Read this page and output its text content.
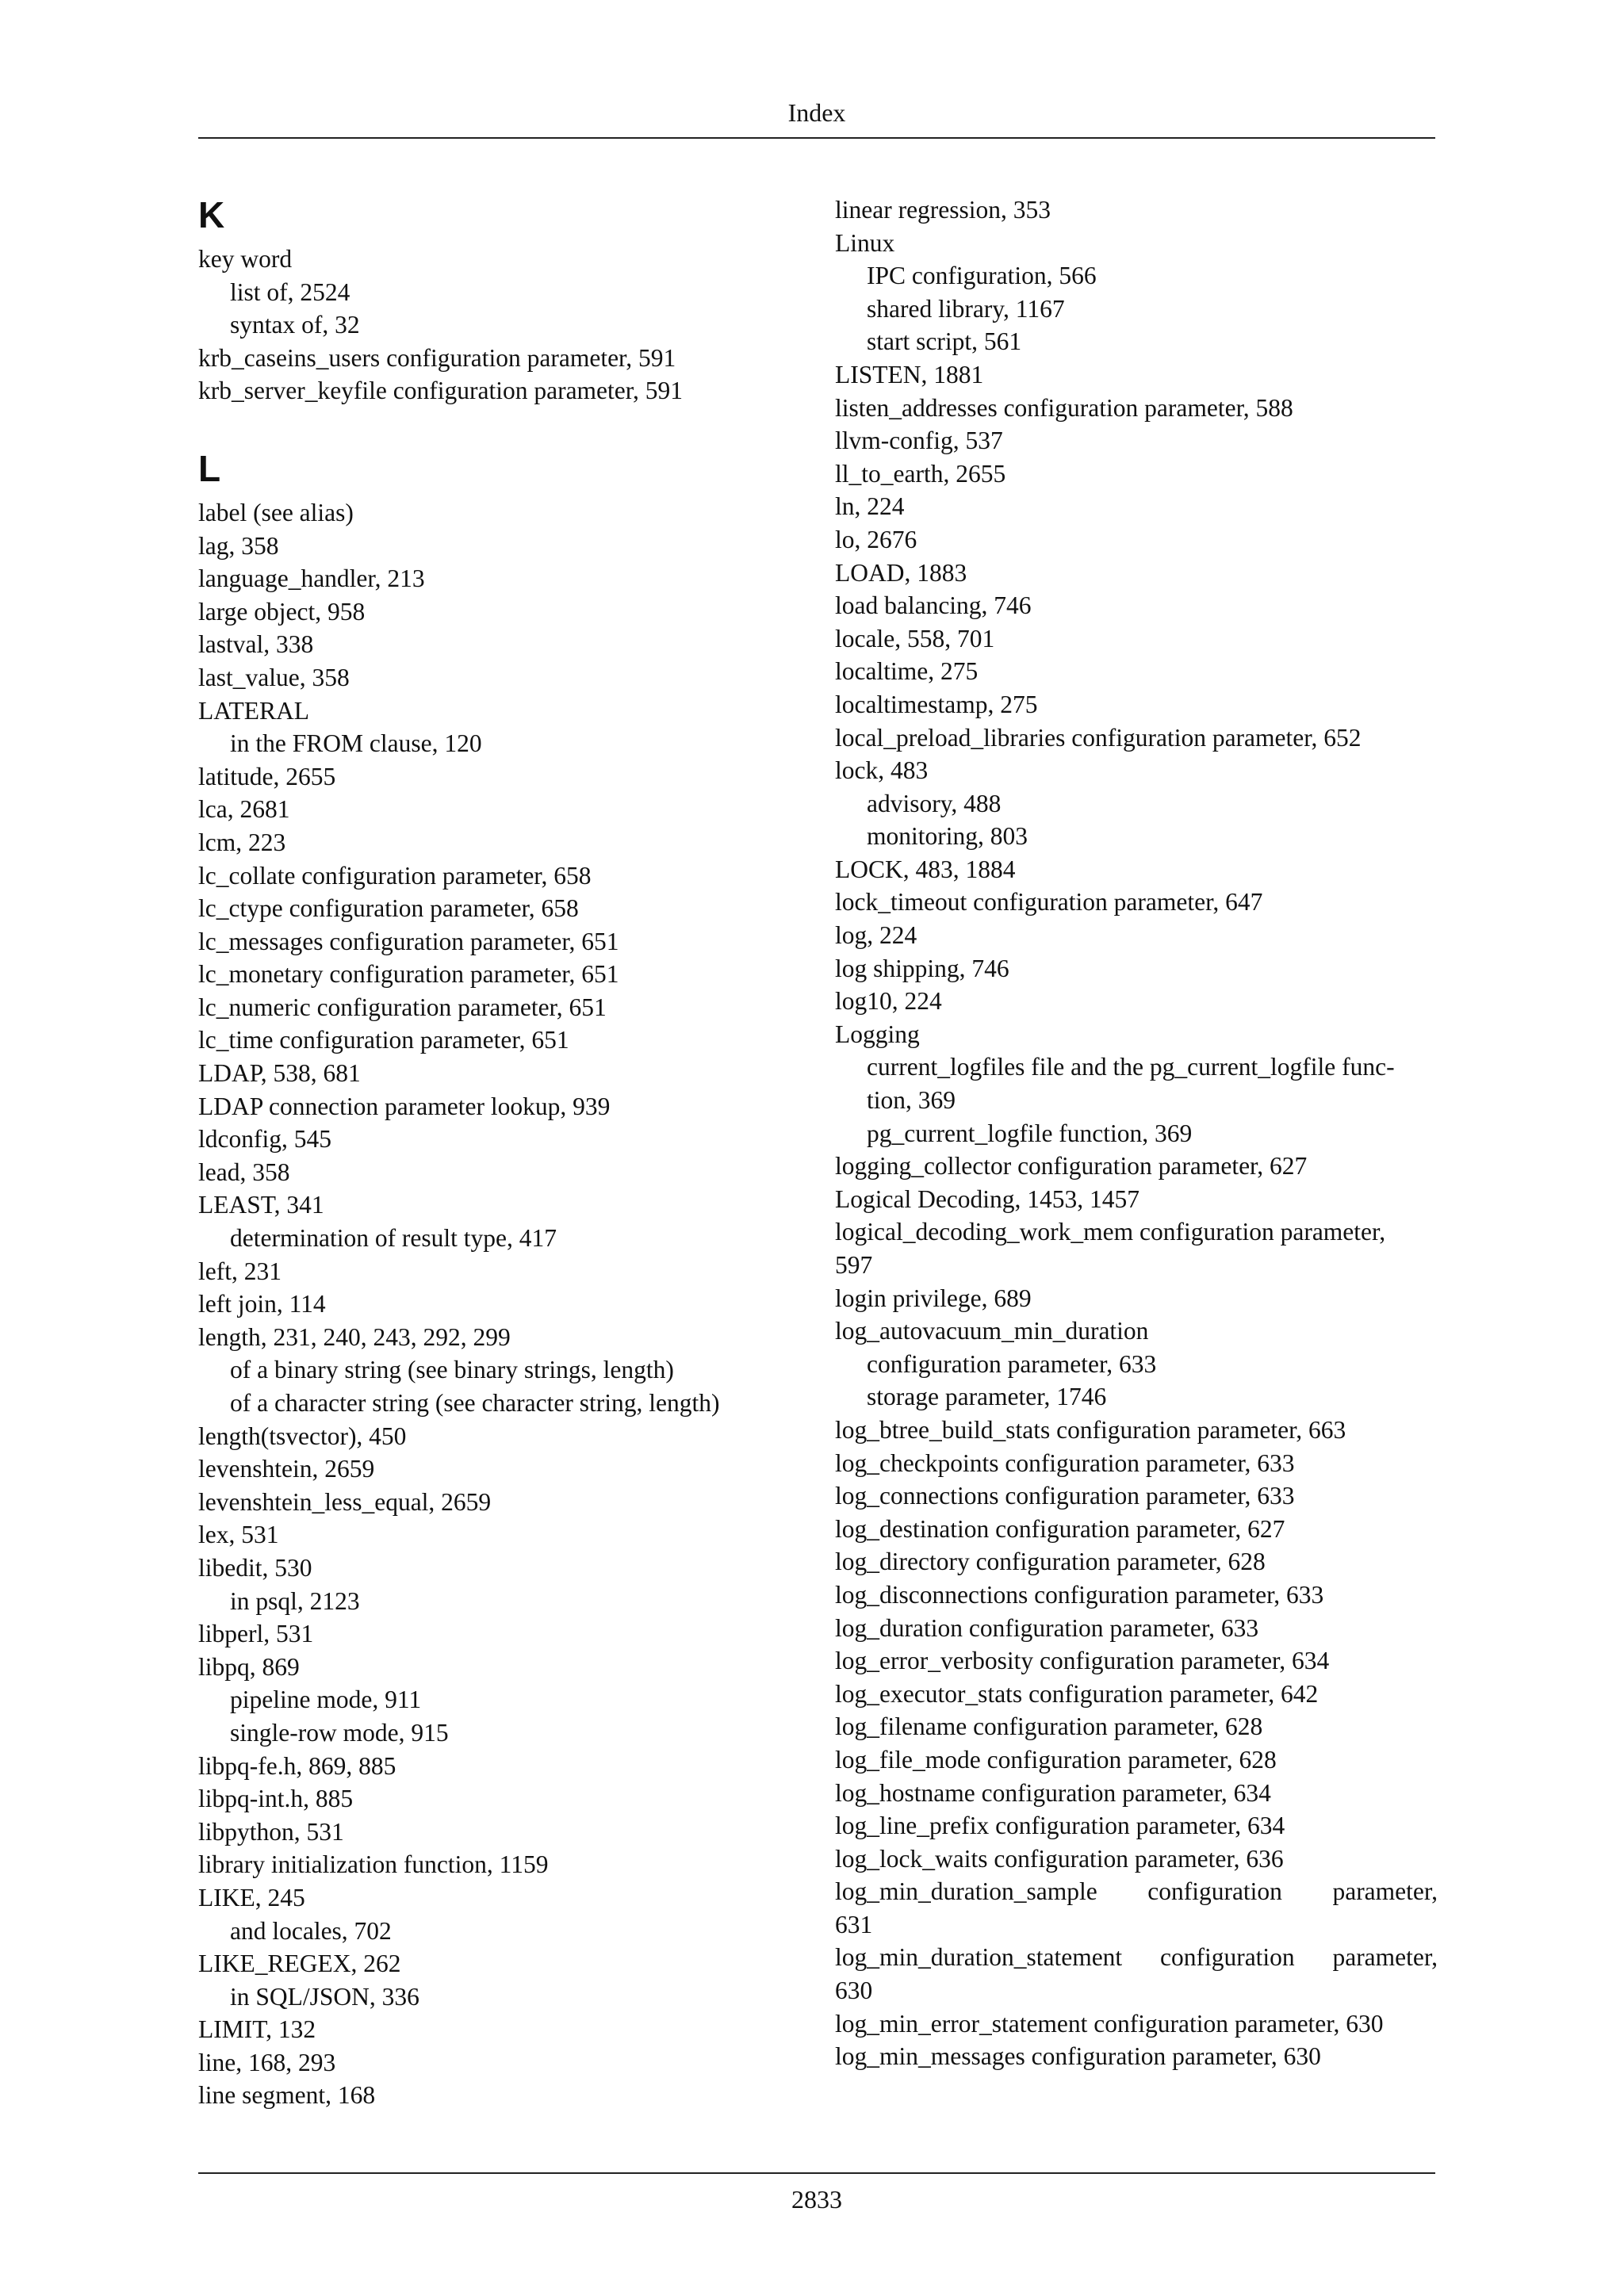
Index
K
key word
list of, 2524
syntax of, 32
krb_caseins_users configuration parameter, 591
krb_server_keyfile configuration parameter, 591
L
label (see alias)
lag, 358
language_handler, 213
large object, 958
lastval, 338
last_value, 358
LATERAL
in the FROM clause, 120
latitude, 2655
lca, 2681
lcm, 223
lc_collate configuration parameter, 658
lc_ctype configuration parameter, 658
lc_messages configuration parameter, 651
lc_monetary configuration parameter, 651
lc_numeric configuration parameter, 651
lc_time configuration parameter, 651
LDAP, 538, 681
LDAP connection parameter lookup, 939
ldconfig, 545
lead, 358
LEAST, 341
determination of result type, 417
left, 231
left join, 114
length, 231, 240, 243, 292, 299
of a binary string (see binary strings, length)
of a character string (see character string, length)
length(tsvector), 450
levenshtein, 2659
levenshtein_less_equal, 2659
lex, 531
libedit, 530
in psql, 2123
libperl, 531
libpq, 869
pipeline mode, 911
single-row mode, 915
libpq-fe.h, 869, 885
libpq-int.h, 885
libpython, 531
library initialization function, 1159
LIKE, 245
and locales, 702
LIKE_REGEX, 262
in SQL/JSON, 336
LIMIT, 132
line, 168, 293
line segment, 168
linear regression, 353
Linux
IPC configuration, 566
shared library, 1167
start script, 561
LISTEN, 1881
listen_addresses configuration parameter, 588
llvm-config, 537
ll_to_earth, 2655
ln, 224
lo, 2676
LOAD, 1883
load balancing, 746
locale, 558, 701
localtime, 275
localtimestamp, 275
local_preload_libraries configuration parameter, 652
lock, 483
advisory, 488
monitoring, 803
LOCK, 483, 1884
lock_timeout configuration parameter, 647
log, 224
log shipping, 746
log10, 224
Logging
current_logfiles file and the pg_current_logfile func-
tion, 369
pg_current_logfile function, 369
logging_collector configuration parameter, 627
Logical Decoding, 1453, 1457
logical_decoding_work_mem configuration parameter,
597
login privilege, 689
log_autovacuum_min_duration
configuration parameter, 633
storage parameter, 1746
log_btree_build_stats configuration parameter, 663
log_checkpoints configuration parameter, 633
log_connections configuration parameter, 633
log_destination configuration parameter, 627
log_directory configuration parameter, 628
log_disconnections configuration parameter, 633
log_duration configuration parameter, 633
log_error_verbosity configuration parameter, 634
log_executor_stats configuration parameter, 642
log_filename configuration parameter, 628
log_file_mode configuration parameter, 628
log_hostname configuration parameter, 634
log_line_prefix configuration parameter, 634
log_lock_waits configuration parameter, 636
log_min_duration_sample configuration parameter,
631
log_min_duration_statement configuration parameter,
630
log_min_error_statement configuration parameter, 630
log_min_messages configuration parameter, 630
2833
